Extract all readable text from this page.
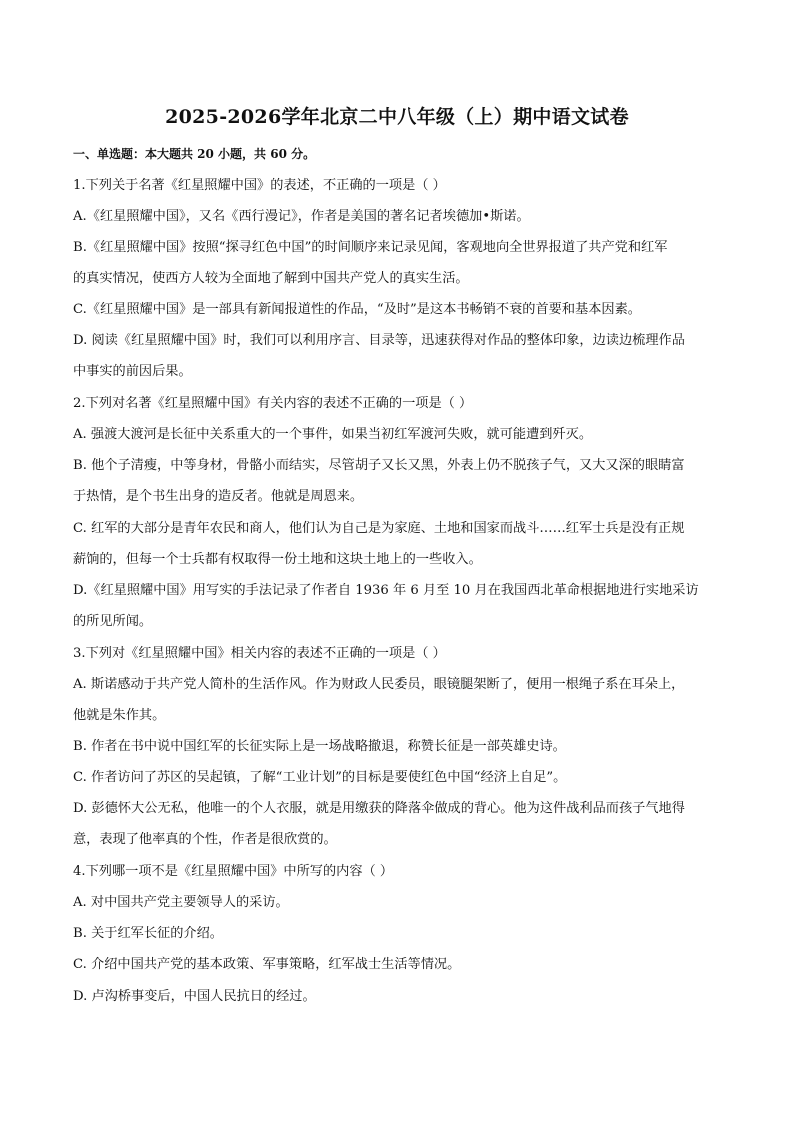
2025-2026学年北京二中八年级（上）期中语文试卷
一、单选题：本大题共 20 小题，共 60 分。
1.下列关于名著《红星照耀中国》的表述，不正确的一项是（ ）
A.《红星照耀中国》，又名《西行漫记》，作者是美国的著名记者埃德加•斯诺。
B.《红星照耀中国》按照“探寻红色中国”的时间顺序来记录见闻，客观地向全世界报道了共产党和红军
的真实情况，使西方人较为全面地了解到中国共产党人的真实生活。
C.《红星照耀中国》是一部具有新闻报道性的作品，“及时”是这本书畅销不衰的首要和基本因素。
D. 阅读《红星照耀中国》时，我们可以利用序言、目录等，迅速获得对作品的整体印象，边读边梳理作品
中事实的前因后果。
2.下列对名著《红星照耀中国》有关内容的表述不正确的一项是（ ）
A. 强渡大渡河是长征中关系重大的一个事件，如果当初红军渡河失败，就可能遭到歼灭。
B. 他个子清瘦，中等身材，骨骼小而结实，尽管胡子又长又黑，外表上仍不脱孩子气，又大又深的眼睛富
于热情，是个书生出身的造反者。他就是周恩来。
C. 红军的大部分是青年农民和商人，他们认为自己是为家庭、土地和国家而战斗……红军士兵是没有正规
薪饷的，但每一个士兵都有权取得一份土地和这块土地上的一些收入。
D.《红星照耀中国》用写实的手法记录了作者自 1936 年 6 月至 10 月在我国西北革命根据地进行实地采访
的所见所闻。
3.下列对《红星照耀中国》相关内容的表述不正确的一项是（ ）
A. 斯诺感动于共产党人简朴的生活作风。作为财政人民委员，眼镜腿架断了，便用一根绳子系在耳朵上，
他就是朱作其。
B. 作者在书中说中国红军的长征实际上是一场战略撤退，称赞长征是一部英雄史诗。
C. 作者访问了苏区的吴起镇，了解“工业计划”的目标是要使红色中国“经济上自足”。
D. 彭德怀大公无私，他唯一的个人衣服，就是用缴获的降落伞做成的背心。他为这件战利品而孩子气地得
意，表现了他率真的个性，作者是很欣赏的。
4.下列哪一项不是《红星照耀中国》中所写的内容（ ）
A. 对中国共产党主要领导人的采访。
B. 关于红军长征的介绍。
C. 介绍中国共产党的基本政策、军事策略，红军战士生活等情况。
D. 卢沟桥事变后，中国人民抗日的经过。
